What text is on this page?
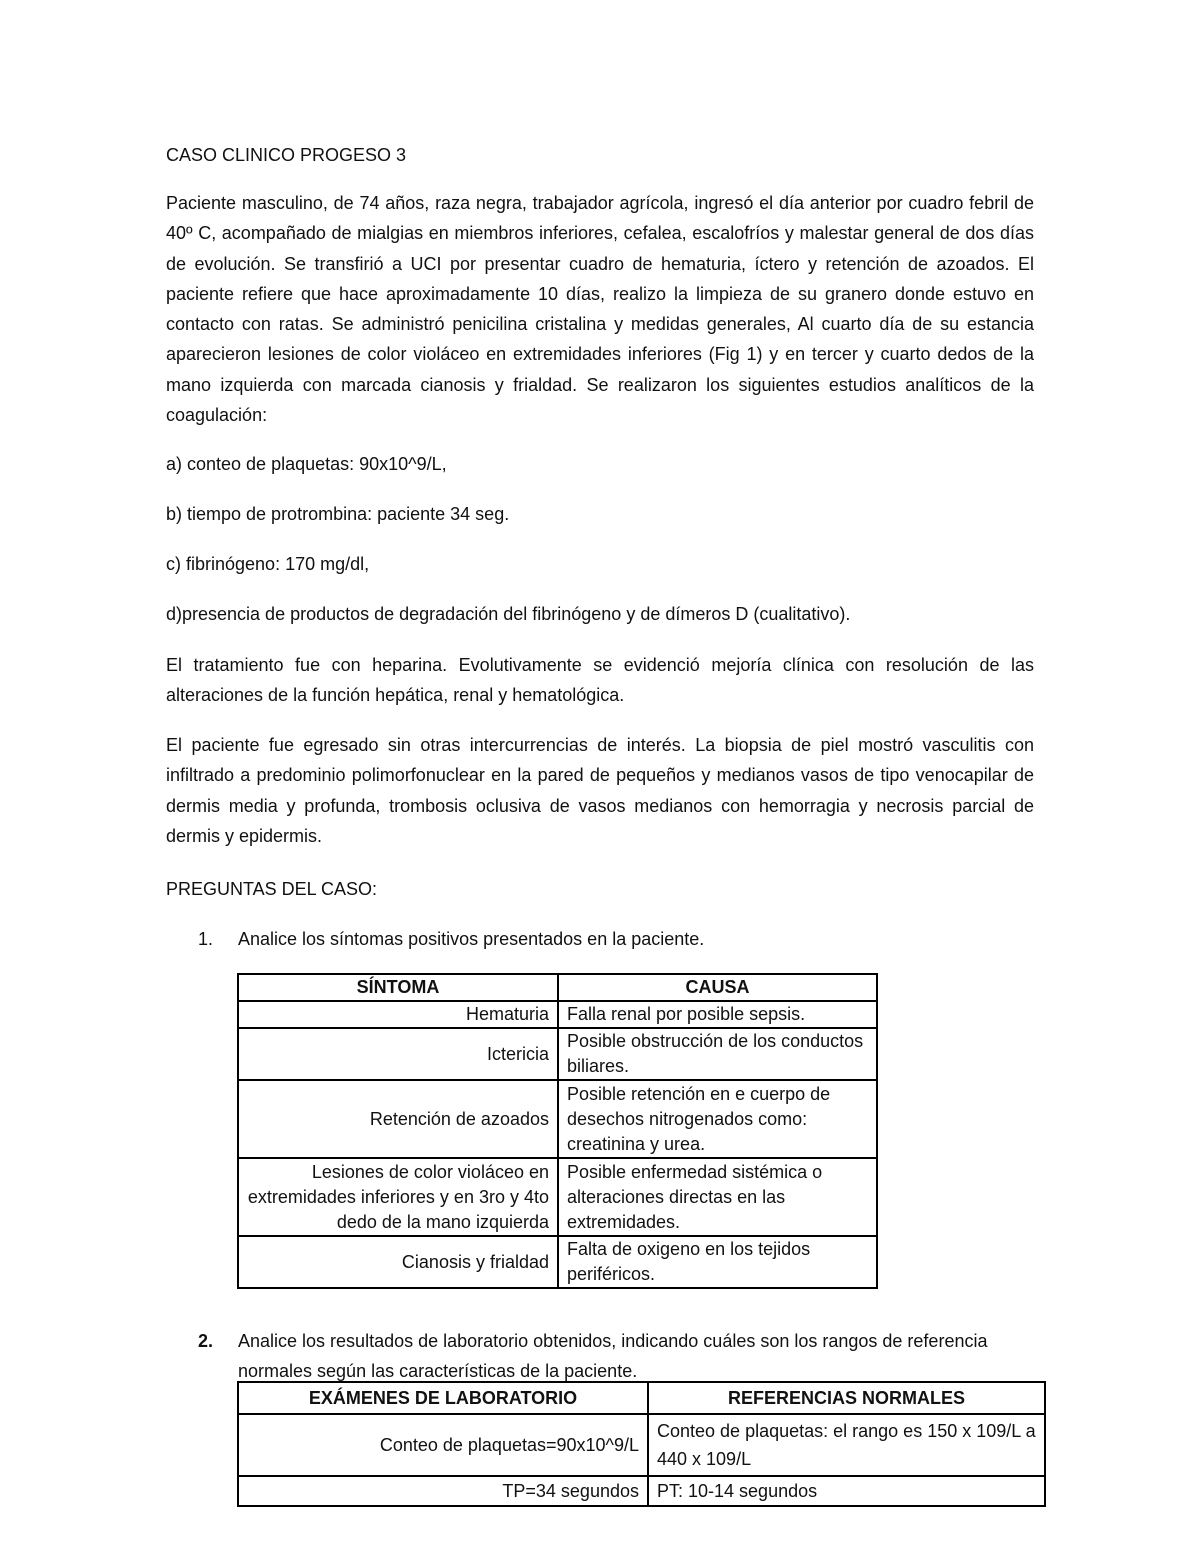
CASO CLINICO PROGESO 3

Paciente masculino, de 74 años, raza negra, trabajador agrícola, ingresó el día anterior por cuadro febril de 40º C, acompañado de mialgias en miembros inferiores, cefalea, escalofríos y malestar general de dos días de evolución. Se transfirió a UCI por presentar cuadro de hematuria, íctero y retención de azoados. El paciente refiere que hace aproximadamente 10 días, realizo la limpieza de su granero donde estuvo en contacto con ratas. Se administró penicilina cristalina y medidas generales, Al cuarto día de su estancia aparecieron lesiones de color violáceo en extremidades inferiores (Fig 1) y en tercer y cuarto dedos de la mano izquierda con marcada cianosis y frialdad. Se realizaron los siguientes estudios analíticos de la coagulación:

a) conteo de plaquetas: 90x10^9/L,

b) tiempo de protrombina: paciente 34 seg.

c) fibrinógeno: 170 mg/dl,

d)presencia de productos de degradación del fibrinógeno y de dímeros D (cualitativo).

El tratamiento fue con heparina. Evolutivamente se evidenció mejoría clínica con resolución de las alteraciones de la función hepática, renal y hematológica.

El paciente fue egresado sin otras intercurrencias de interés. La biopsia de piel mostró vasculitis con infiltrado a predominio polimorfonuclear en la pared de pequeños y medianos vasos de tipo venocapilar de dermis media y profunda, trombosis oclusiva de vasos medianos con hemorragia y necrosis parcial de dermis y epidermis.

PREGUNTAS DEL CASO:

1. Analice los síntomas positivos presentados en la paciente.
SÍNTOMA	CAUSA
Hematuria	Falla renal por posible sepsis.
Ictericia	Posible obstrucción de los conductos biliares.
Retención de azoados	Posible retención en e cuerpo de desechos nitrogenados como: creatinina y urea.
Lesiones de color violáceo en extremidades inferiores y en 3ro y 4to dedo de la mano izquierda	Posible enfermedad sistémica o alteraciones directas en las extremidades.
Cianosis y frialdad	Falta de oxigeno en los tejidos periféricos.
2. Analice los resultados de laboratorio obtenidos, indicando cuáles son los rangos de referencia normales según las características de la paciente.
EXÁMENES DE LABORATORIO	REFERENCIAS NORMALES
Conteo de plaquetas=90x10^9/L	Conteo de plaquetas: el rango es 150 x 109/L a 440 x 109/L
TP=34 segundos	PT: 10-14 segundos
